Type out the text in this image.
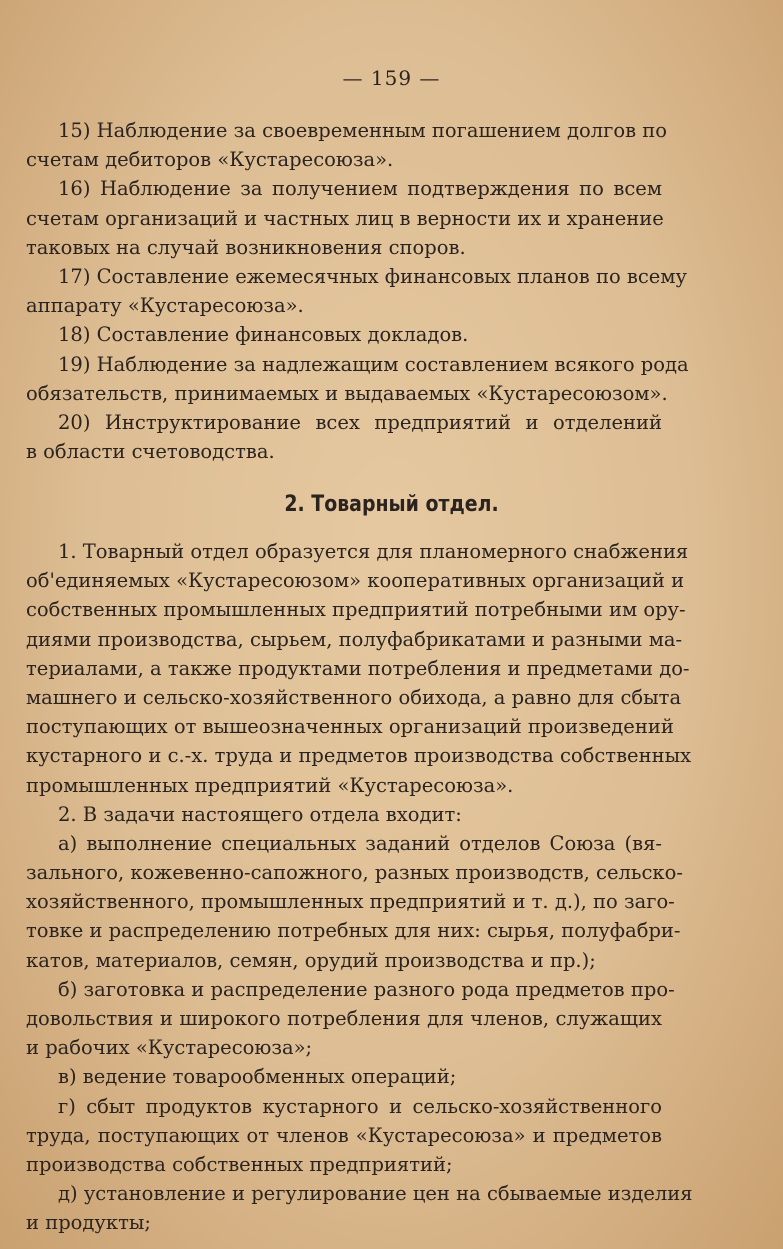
— 159 —
15) Наблюдение за своевременным погашением долгов по
счетам дебиторов «Кустаресоюза».
16) Наблюдение за получением подтверждения по всем
счетам организаций и частных лиц в верности их и хранение
таковых на случай возникновения споров.
17) Составление ежемесячных финансовых планов по всему
аппарату «Кустаресоюза».
18) Составление финансовых докладов.
19) Наблюдение за надлежащим составлением всякого рода
обязательств, принимаемых и выдаваемых «Кустаресоюзом».
20) Инструктирование всех предприятий и отделений
в области счетоводства.
2. Товарный отдел.
1. Товарный отдел образуется для планомерного снабжения
об'единяемых «Кустаресоюзом» кооперативных организаций и
собственных промышленных предприятий потребными им ору-
диями производства, сырьем, полуфабрикатами и разными ма-
териалами, а также продуктами потребления и предметами до-
машнего и сельско-хозяйственного обихода, а равно для сбыта
поступающих от вышеозначенных организаций произведений
кустарного и с.-х. труда и предметов производства собственных
промышленных предприятий «Кустаресоюза».
2. В задачи настоящего отдела входит:
а) выполнение специальных заданий отделов Союза (вя-
зального, кожевенно-сапожного, разных производств, сельско-
хозяйственного, промышленных предприятий и т. д.), по заго-
товке и распределению потребных для них: сырья, полуфабри-
катов, материалов, семян, орудий производства и пр.);
б) заготовка и распределение разного рода предметов про-
довольствия и широкого потребления для членов, служащих
и рабочих «Кустаресоюза»;
в) ведение товарообменных операций;
г) сбыт продуктов кустарного и сельско-хозяйственного
труда, поступающих от членов «Кустаресоюза» и предметов
производства собственных предприятий;
д) установление и регулирование цен на сбываемые изделия
и продукты;
